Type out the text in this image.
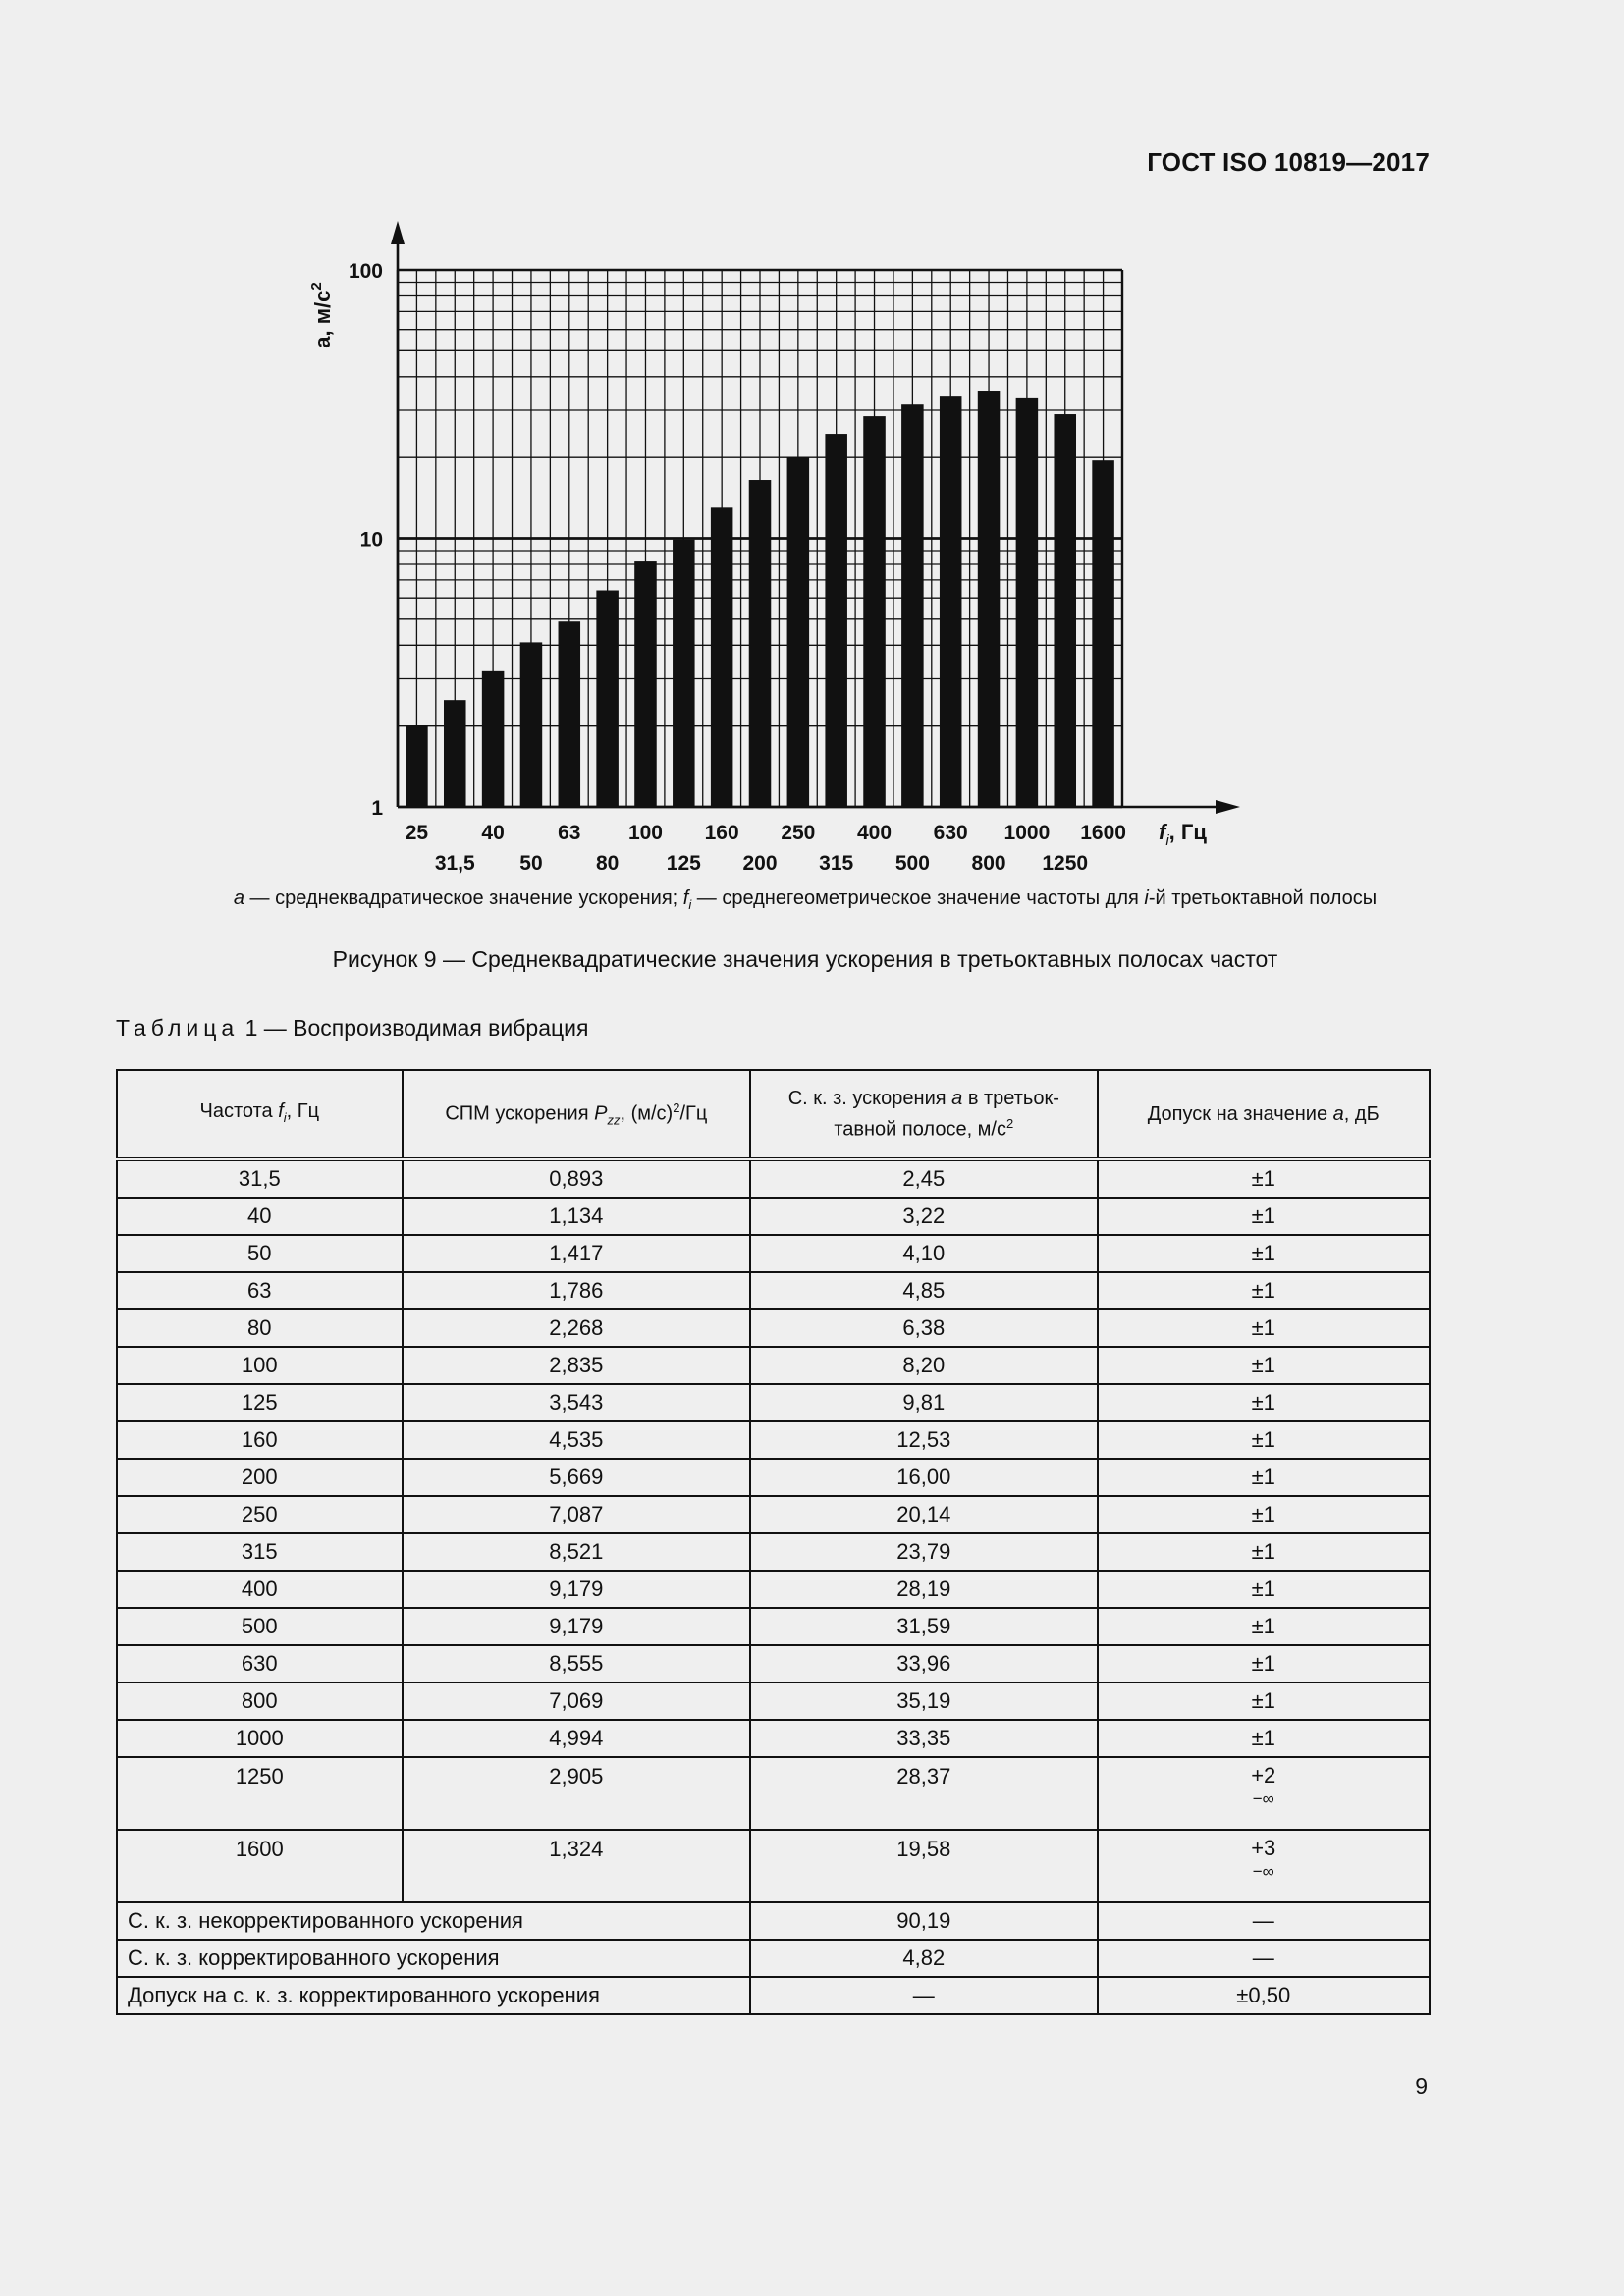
ГОСТ ISO 10819—2017
1
10
100
25
31,5
40
50
63
80
100
125
160
200
250
315
400
500
630
800
1000
1250
1600 $f_i$, Гц
a, $м/с^2$
a — среднеквадратическое значение ускорения; $f_i$ — среднегеометрическое значение частоты для i-й третьоктавной полосы
Рисунок 9 — Среднеквадратические значения ускорения в третьоктавных полосах частот
Таблица 1 — Воспроизводимая вибрация
Частота $f_i$, Гц	СПМ ускорения $P_{zz}$, $(м/с)^2/Гц$	С. к. з. ускорения a в третьок-
тавной полосе, $м/с^2$	Допуск на значение a, дБ
31,5	0,893	2,45	±1
40	1,134	3,22	±1
50	1,417	4,10	±1
63	1,786	4,85	±1
80	2,268	6,38	±1
100	2,835	8,20	±1
125	3,543	9,81	±1
160	4,535	12,53	±1
200	5,669	16,00	±1
250	7,087	20,14	±1
315	8,521	23,79	±1
400	9,179	28,19	±1
500	9,179	31,59	±1
630	8,555	33,96	±1
800	7,069	35,19	±1
1000	4,994	33,35	±1
1250	2,905	28,37	+2
−∞

1600	1,324	19,58	+3
−∞

С. к. з. некорректированного ускорения		90,19	—
С. к. з. корректированного ускорения		4,82	—
Допуск на с. к. з. корректированного ускорения		—	±0,50
9
